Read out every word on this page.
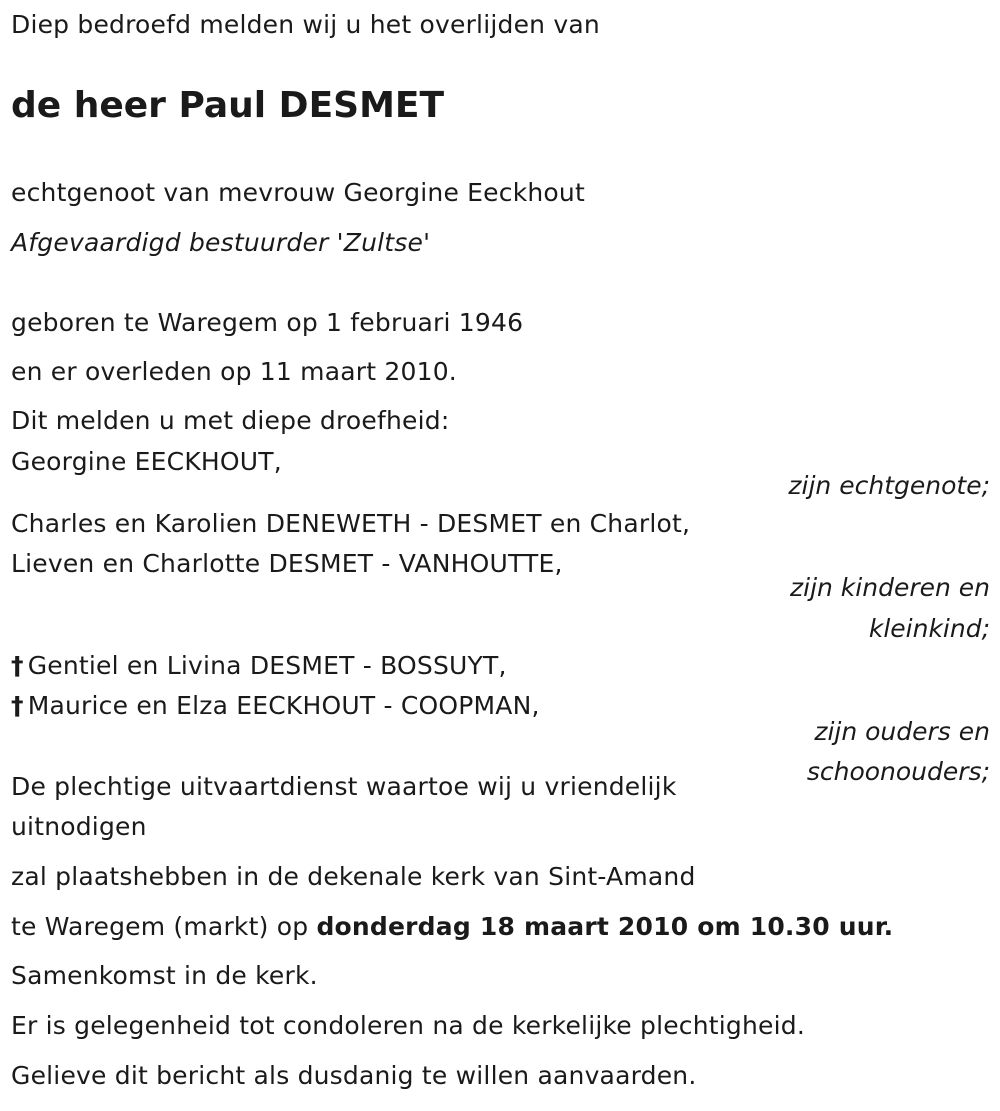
Diep bedroefd melden wij u het overlijden van
de heer Paul DESMET
echtgenoot van mevrouw Georgine Eeckhout
Afgevaardigd bestuurder 'Zultse'
geboren te Waregem op 1 februari 1946
en er overleden op 11 maart 2010.
Dit melden u met diepe droefheid:
Georgine EECKHOUT,
zijn echtgenote;
Charles en Karolien DENEWETH - DESMET en Charlot,
Lieven en Charlotte DESMET - VANHOUTTE,
zijn kinderen en
kleinkind;
† Gentiel en Livina DESMET - BOSSUYT,
† Maurice en Elza EECKHOUT - COOPMAN,
zijn ouders en
schoonouders;
De plechtige uitvaartdienst waartoe wij u vriendelijk
uitnodigen
zal plaatshebben in de dekenale kerk van Sint-Amand
te Waregem (markt) op donderdag 18 maart 2010 om 10.30 uur.
Samenkomst in de kerk.
Er is gelegenheid tot condoleren na de kerkelijke plechtigheid.
Gelieve dit bericht als dusdanig te willen aanvaarden.
